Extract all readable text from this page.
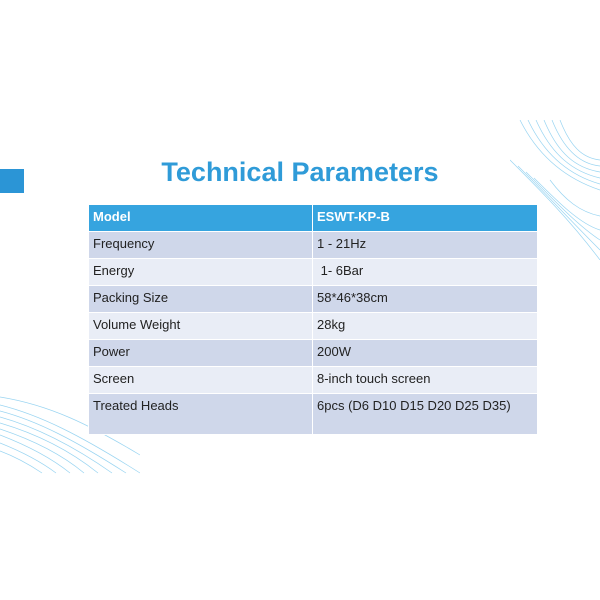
Technical Parameters
Model	ESWT-KP-B
Frequency	1 - 21Hz
Energy	1- 6Bar
Packing Size	58*46*38cm
Volume Weight	28kg
Power	200W
Screen	8-inch touch screen
Treated Heads	6pcs (D6 D10 D15 D20 D25 D35)
